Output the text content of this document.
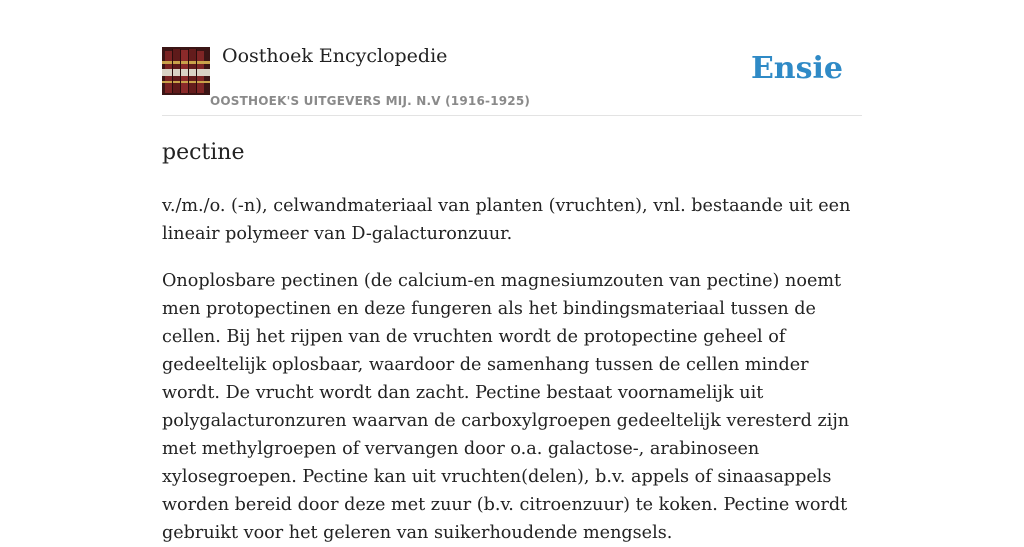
Oosthoek Encyclopedie
OOSTHOEK'S UITGEVERS MIJ. N.V (1916-1925)
Ensie
pectine

v./m./o. (-n), celwandmateriaal van planten (vruchten), vnl. bestaande uit een lineair polymeer van D-galacturonzuur.

Onoplosbare pectinen (de calcium-en magnesiumzouten van pectine) noemt men protopectinen en deze fungeren als het bindingsmateriaal tussen de cellen. Bij het rijpen van de vruchten wordt de protopectine geheel of gedeeltelijk oplosbaar, waardoor de samenhang tussen de cellen minder wordt. De vrucht wordt dan zacht. Pectine bestaat voornamelijk uit polygalacturonzuren waarvan de carboxylgroepen gedeeltelijk veresterd zijn met methylgroepen of vervangen door o.a. galactose-, arabinoseen xylosegroepen. Pectine kan uit vruchten(delen), b.v. appels of sinaasappels worden bereid door deze met zuur (b.v. citroenzuur) te koken. Pectine wordt gebruikt voor het geleren van suikerhoudende mengsels.
